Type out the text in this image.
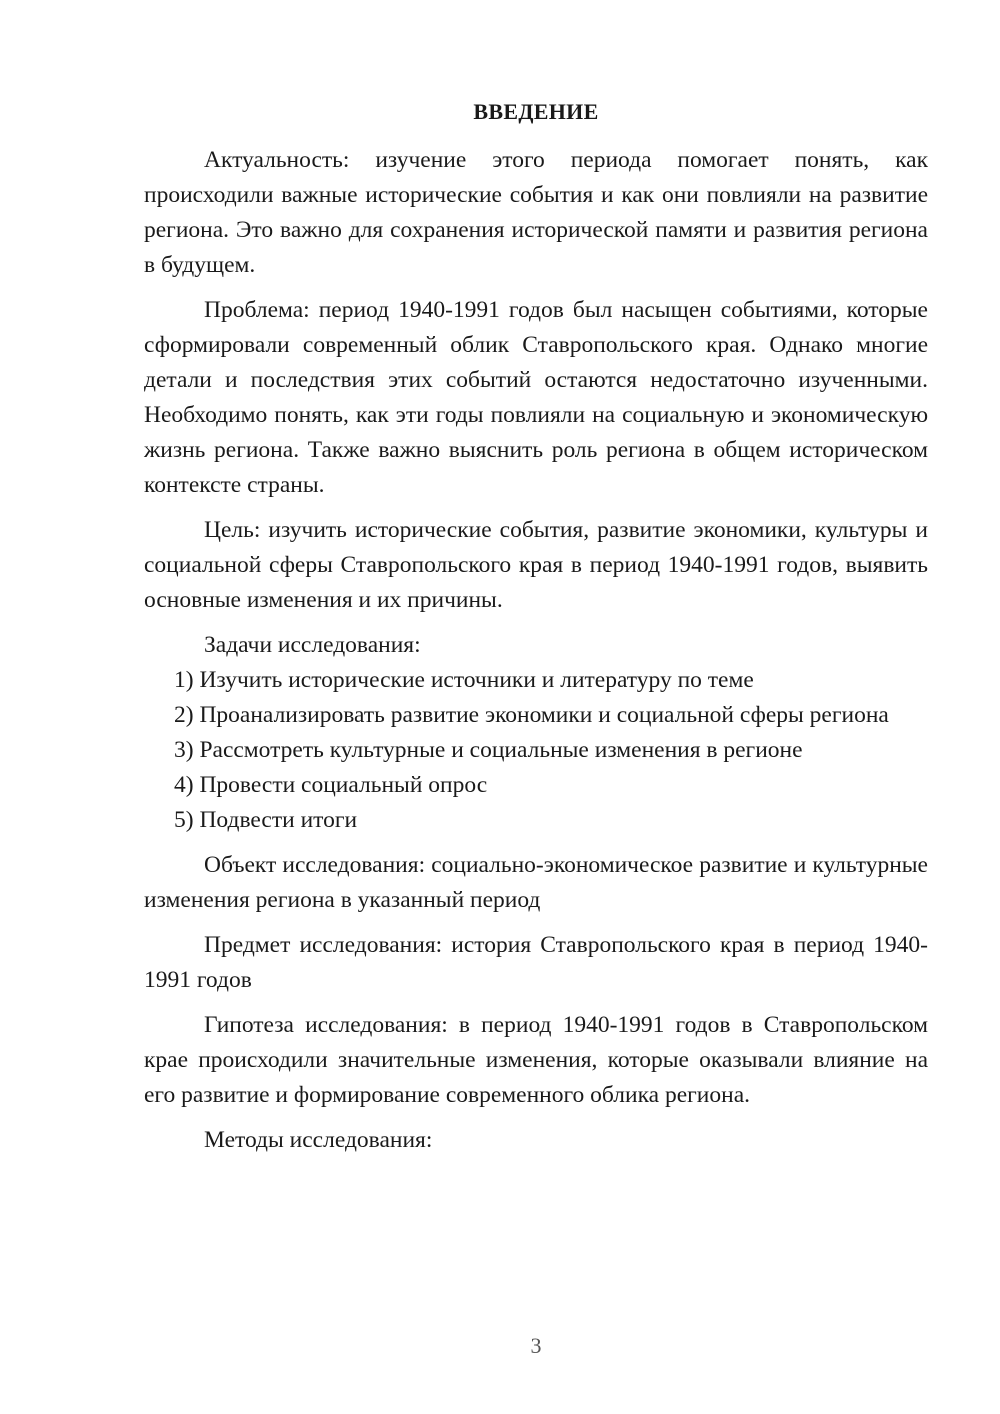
ВВЕДЕНИЕ

Актуальность: изучение этого периода помогает понять, как происходили важные исторические события и как они повлияли на развитие региона. Это важно для сохранения исторической памяти и развития региона в будущем.

Проблема: период 1940-1991 годов был насыщен событиями, которые сформировали современный облик Ставропольского края. Однако многие детали и последствия этих событий остаются недостаточно изученными. Необходимо понять, как эти годы повлияли на социальную и экономическую жизнь региона. Также важно выяснить роль региона в общем историческом контексте страны.

Цель: изучить исторические события, развитие экономики, культуры и социальной сферы Ставропольского края в период 1940-1991 годов, выявить основные изменения и их причины.

Задачи исследования:

1) Изучить исторические источники и литературу по теме

2) Проанализировать развитие экономики и социальной сферы региона

3) Рассмотреть культурные и социальные изменения в регионе

4) Провести социальный опрос

5) Подвести итоги

Объект исследования: социально-экономическое развитие и культурные изменения региона в указанный период

Предмет исследования: история Ставропольского края в период 1940-1991 годов

Гипотеза исследования: в период 1940-1991 годов в Ставропольском крае происходили значительные изменения, которые оказывали влияние на его развитие и формирование современного облика региона.

Методы исследования:

3
